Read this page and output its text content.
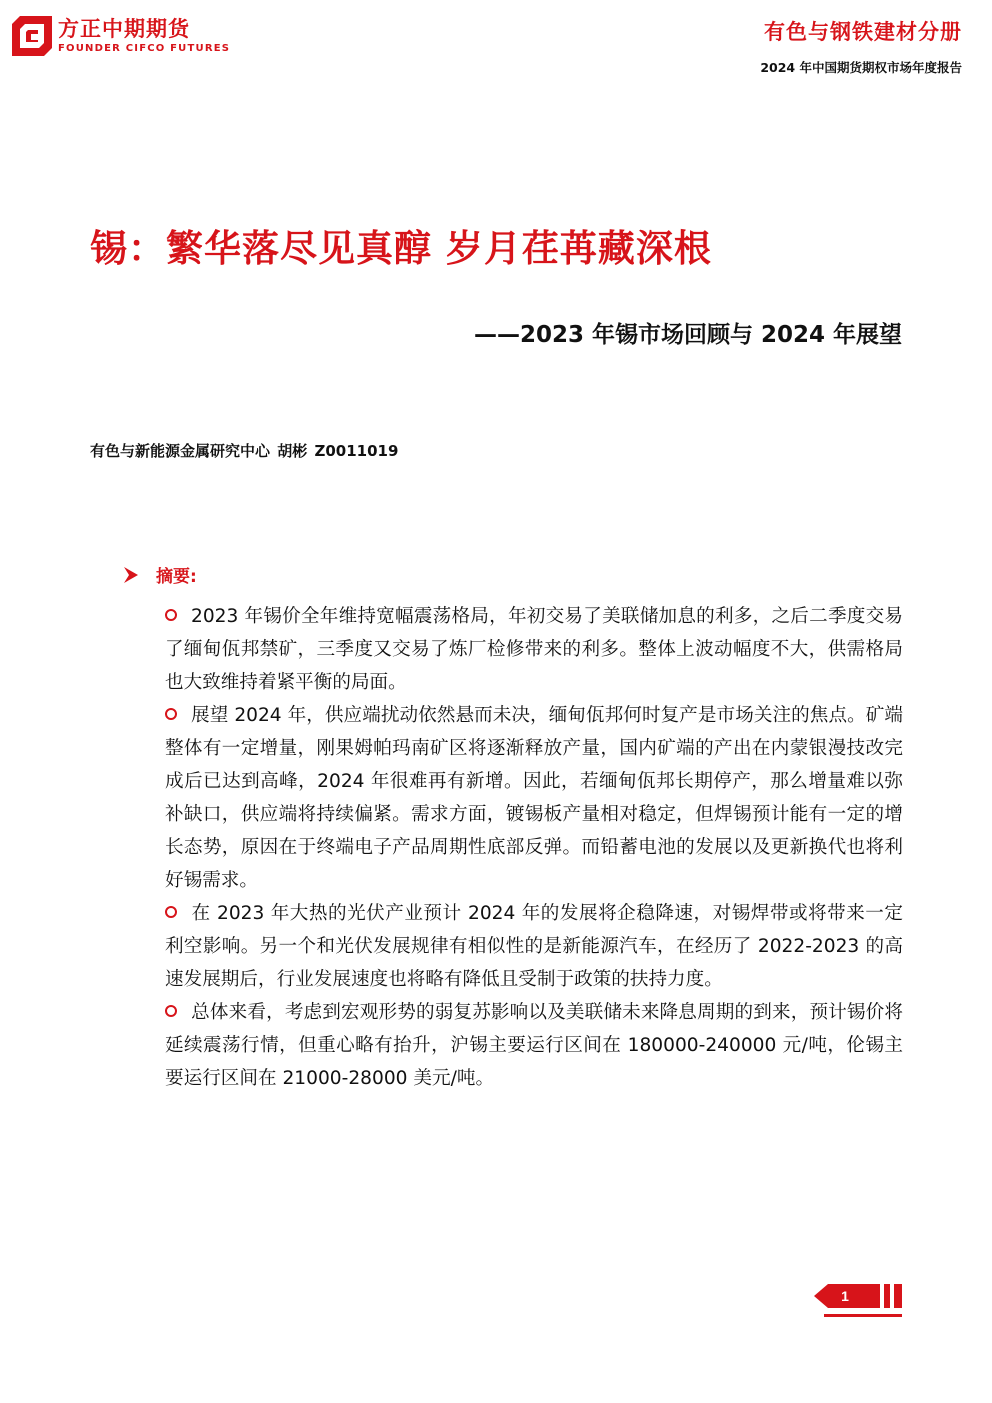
方正中期期货
FOUNDER CIFCO FUTURES
有色与钢铁建材分册
2024 年中国期货期权市场年度报告
锡：繁华落尽见真醇 岁月荏苒藏深根
——2023 年锡市场回顾与 2024 年展望
有色与新能源金属研究中心 胡彬 Z0011019
摘要:

2023 年锡价全年维持宽幅震荡格局，年初交易了美联储加息的利多，之后二季度交易了缅甸佤邦禁矿，三季度又交易了炼厂检修带来的利多。整体上波动幅度不大，供需格局也大致维持着紧平衡的局面。

展望 2024 年，供应端扰动依然悬而未决，缅甸佤邦何时复产是市场关注的焦点。矿端整体有一定增量，刚果姆帕玛南矿区将逐渐释放产量，国内矿端的产出在内蒙银漫技改完成后已达到高峰，2024 年很难再有新增。因此，若缅甸佤邦长期停产，那么增量难以弥补缺口，供应端将持续偏紧。需求方面，镀锡板产量相对稳定，但焊锡预计能有一定的增长态势，原因在于终端电子产品周期性底部反弹。而铅蓄电池的发展以及更新换代也将利好锡需求。

在 2023 年大热的光伏产业预计 2024 年的发展将企稳降速，对锡焊带或将带来一定利空影响。另一个和光伏发展规律有相似性的是新能源汽车，在经历了 2022-2023 的高速发展期后，行业发展速度也将略有降低且受制于政策的扶持力度。

总体来看，考虑到宏观形势的弱复苏影响以及美联储未来降息周期的到来，预计锡价将延续震荡行情，但重心略有抬升，沪锡主要运行区间在 180000-240000 元/吨，伦锡主要运行区间在 21000-28000 美元/吨。

1
